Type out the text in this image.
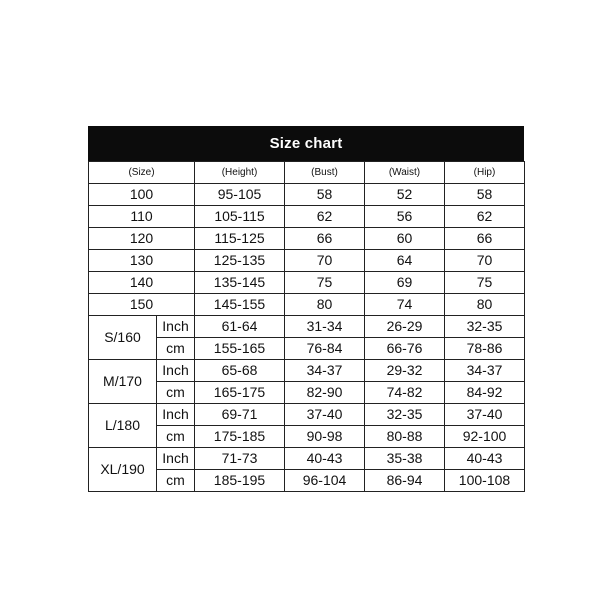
Size chart
(Size)		(Height)	(Bust)	(Waist)	(Hip)
100		95-105	58	52	58
110		105-115	62	56	62
120		115-125	66	60	66
130		125-135	70	64	70
140		135-145	75	69	75
150		145-155	80	74	80
S/160	Inch	61-64	31-34	26-29	32-35
	cm	155-165	76-84	66-76	78-86
M/170	Inch	65-68	34-37	29-32	34-37
	cm	165-175	82-90	74-82	84-92
L/180	Inch	69-71	37-40	32-35	37-40
	cm	175-185	90-98	80-88	92-100
XL/190	Inch	71-73	40-43	35-38	40-43
	cm	185-195	96-104	86-94	100-108
